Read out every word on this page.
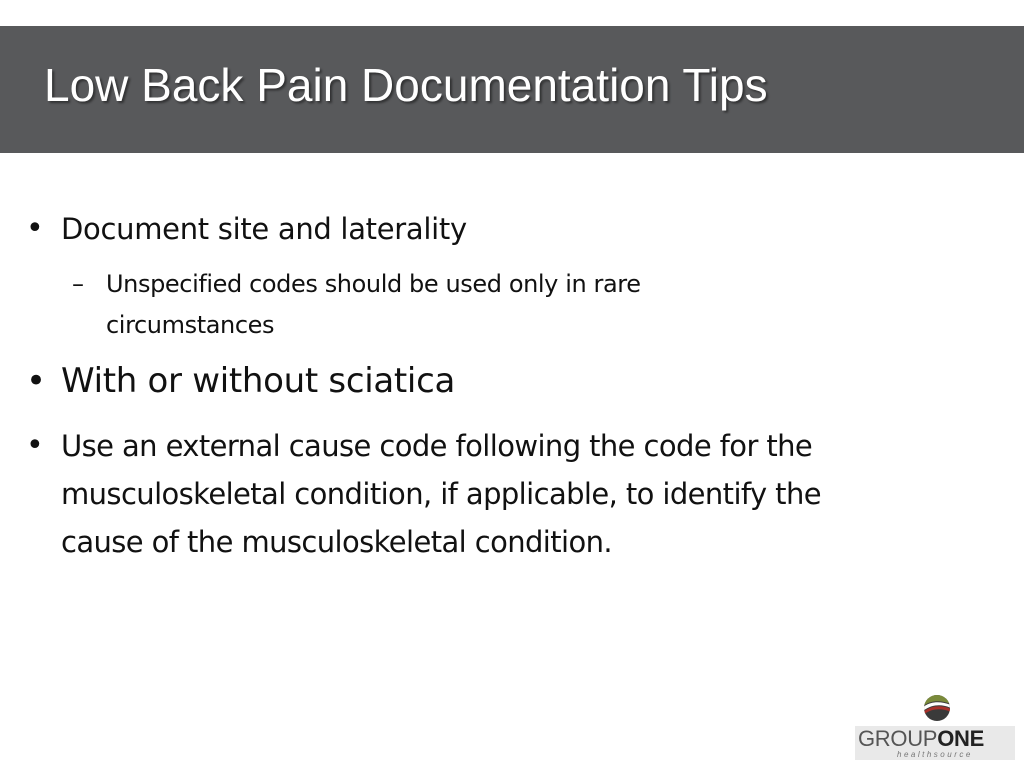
Low Back Pain Documentation Tips
• Document site and laterality
– Unspecified codes should be used only in rare circumstances
• With or without sciatica
• Use an external cause code following the code for the musculoskeletal condition, if applicable, to identify the cause of the musculoskeletal condition.
GROUPONE
healthsource
